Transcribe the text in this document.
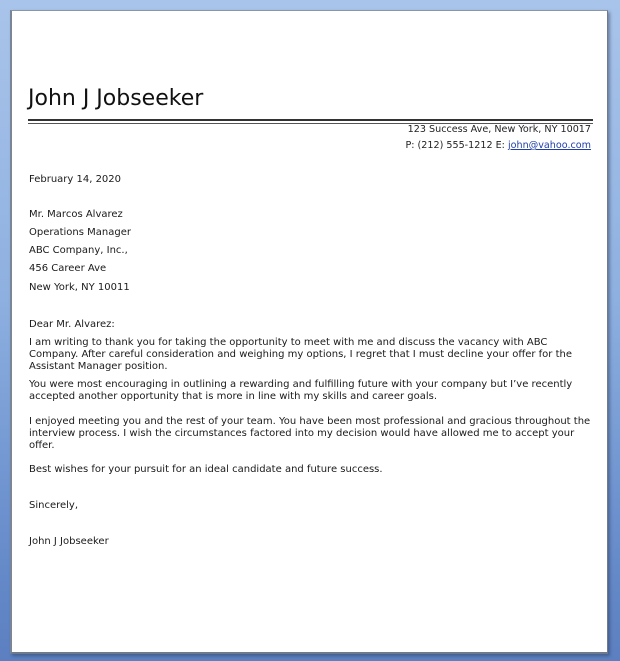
John J Jobseeker
123 Success Ave, New York, NY 10017
P: (212) 555-1212 E: john@vahoo.com
February 14, 2020
Mr. Marcos Alvarez
Operations Manager
ABC Company, Inc.,
456 Career Ave
New York, NY 10011
Dear Mr. Alvarez:

I am writing to thank you for taking the opportunity to meet with me and discuss the vacancy with ABC Company. After careful consideration and weighing my options, I regret that I must decline your offer for the Assistant Manager position.

You were most encouraging in outlining a rewarding and fulfilling future with your company but I’ve recently accepted another opportunity that is more in line with my skills and career goals.

I enjoyed meeting you and the rest of your team. You have been most professional and gracious throughout the interview process. I wish the circumstances factored into my decision would have allowed me to accept your offer.

Best wishes for your pursuit for an ideal candidate and future success.

Sincerely,
John J Jobseeker
